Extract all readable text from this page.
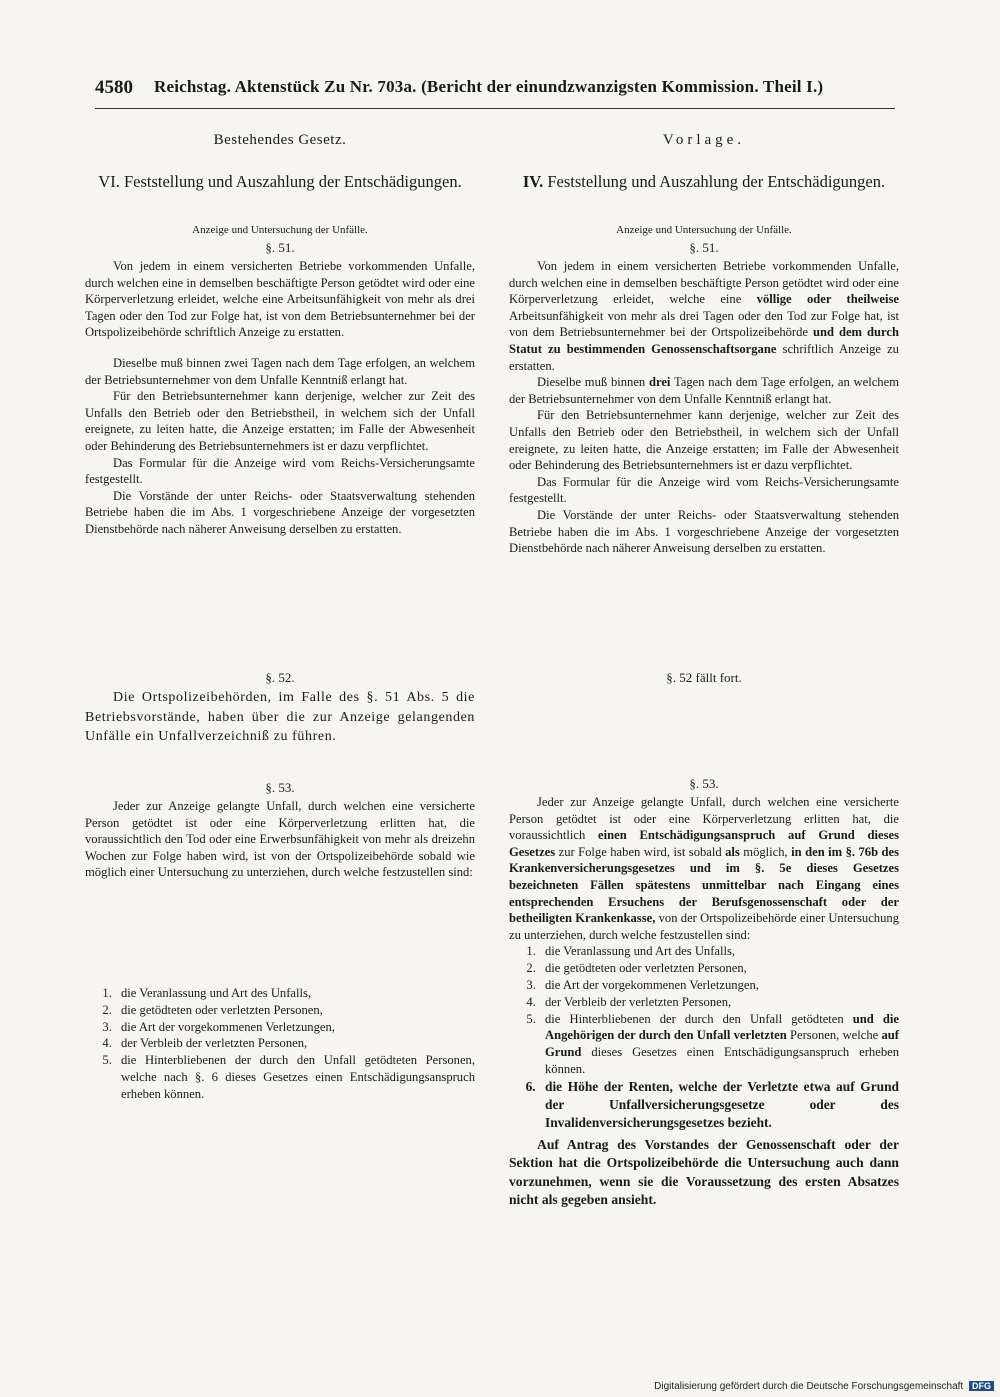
4580 Reichstag. Aktenstück Zu Nr. 703a. (Bericht der einundzwanzigsten Kommission. Theil I.)
Bestehendes Gesetz.
VI. Feststellung und Auszahlung der Entschädigungen.
Anzeige und Untersuchung der Unfälle.
§. 51.

Von jedem in einem versicherten Betriebe vorkommenden Unfalle, durch welchen eine in demselben beschäftigte Person getödtet wird oder eine Körperverletzung erleidet, welche eine Arbeitsunfähigkeit von mehr als drei Tagen oder den Tod zur Folge hat, ist von dem Betriebsunternehmer bei der Ortspolizeibehörde schriftlich Anzeige zu erstatten.

Dieselbe muß binnen zwei Tagen nach dem Tage erfolgen, an welchem der Betriebsunternehmer von dem Unfalle Kenntniß erlangt hat.

Für den Betriebsunternehmer kann derjenige, welcher zur Zeit des Unfalls den Betrieb oder den Betriebstheil, in welchem sich der Unfall ereignete, zu leiten hatte, die Anzeige erstatten; im Falle der Abwesenheit oder Behinderung des Betriebsunternehmers ist er dazu verpflichtet.

Das Formular für die Anzeige wird vom Reichs-Versicherungsamte festgestellt.

Die Vorstände der unter Reichs- oder Staatsverwaltung stehenden Betriebe haben die im Abs. 1 vorgeschriebene Anzeige der vorgesetzten Dienstbehörde nach näherer Anweisung derselben zu erstatten.

§. 52.

Die Ortspolizeibehörden, im Falle des §. 51 Abs. 5 die Betriebsvorstände, haben über die zur Anzeige gelangenden Unfälle ein Unfallverzeichniß zu führen.

§. 53.

Jeder zur Anzeige gelangte Unfall, durch welchen eine versicherte Person getödtet ist oder eine Körperverletzung erlitten hat, die voraussichtlich den Tod oder eine Erwerbsunfähigkeit von mehr als dreizehn Wochen zur Folge haben wird, ist von der Ortspolizeibehörde sobald wie möglich einer Untersuchung zu unterziehen, durch welche festzustellen sind:

1. die Veranlassung und Art des Unfalls,
2. die getödteten oder verletzten Personen,
3. die Art der vorgekommenen Verletzungen,
4. der Verbleib der verletzten Personen,
5. die Hinterbliebenen der durch den Unfall getödteten Personen, welche nach §. 6 dieses Gesetzes einen Entschädigungsanspruch erheben können.
Vorlage.
IV. Feststellung und Auszahlung der Entschädigungen.
Anzeige und Untersuchung der Unfälle.
§. 51.

Von jedem in einem versicherten Betriebe vorkommenden Unfalle, durch welchen eine in demselben beschäftigte Person getödtet wird oder eine Körperverletzung erleidet, welche eine völlige oder theilweise Arbeitsunfähigkeit von mehr als drei Tagen oder den Tod zur Folge hat, ist von dem Betriebsunternehmer bei der Ortspolizeibehörde und dem durch Statut zu bestimmenden Genossenschaftsorgane schriftlich Anzeige zu erstatten.

Dieselbe muß binnen drei Tagen nach dem Tage erfolgen, an welchem der Betriebsunternehmer von dem Unfalle Kenntniß erlangt hat.

Für den Betriebsunternehmer kann derjenige, welcher zur Zeit des Unfalls den Betrieb oder den Betriebstheil, in welchem sich der Unfall ereignete, zu leiten hatte, die Anzeige erstatten; im Falle der Abwesenheit oder Behinderung des Betriebsunternehmers ist er dazu verpflichtet.

Das Formular für die Anzeige wird vom Reichs-Versicherungsamte festgestellt.

Die Vorstände der unter Reichs- oder Staatsverwaltung stehenden Betriebe haben die im Abs. 1 vorgeschriebene Anzeige der vorgesetzten Dienstbehörde nach näherer Anweisung derselben zu erstatten.

§. 52 fällt fort.
§. 53.

Jeder zur Anzeige gelangte Unfall, durch welchen eine versicherte Person getödtet ist oder eine Körperverletzung erlitten hat, die voraussichtlich einen Entschädigungsanspruch auf Grund dieses Gesetzes zur Folge haben wird, ist sobald als möglich, in den im §. 76b des Krankenversicherungsgesetzes und im §. 5e dieses Gesetzes bezeichneten Fällen spätestens unmittelbar nach Eingang eines entsprechenden Ersuchens der Berufsgenossenschaft oder der betheiligten Krankenkasse, von der Ortspolizeibehörde einer Untersuchung zu unterziehen, durch welche festzustellen sind:

1. die Veranlassung und Art des Unfalls,
2. die getödteten oder verletzten Personen,
3. die Art der vorgekommenen Verletzungen,
4. der Verbleib der verletzten Personen,
5. die Hinterbliebenen der durch den Unfall getödteten und die Angehörigen der durch den Unfall verletzten Personen, welche auf Grund dieses Gesetzes einen Entschädigungsanspruch erheben können.
6. die Höhe der Renten, welche der Verletzte etwa auf Grund der Unfallversicherungsgesetze oder des Invalidenversicherungsgesetzes bezieht.

Auf Antrag des Vorstandes der Genossenschaft oder der Sektion hat die Ortspolizeibehörde die Untersuchung auch dann vorzunehmen, wenn sie die Voraussetzung des ersten Absatzes nicht als gegeben ansieht.

Digitalisierung gefördert durch die Deutsche Forschungsgemeinschaft DFG
